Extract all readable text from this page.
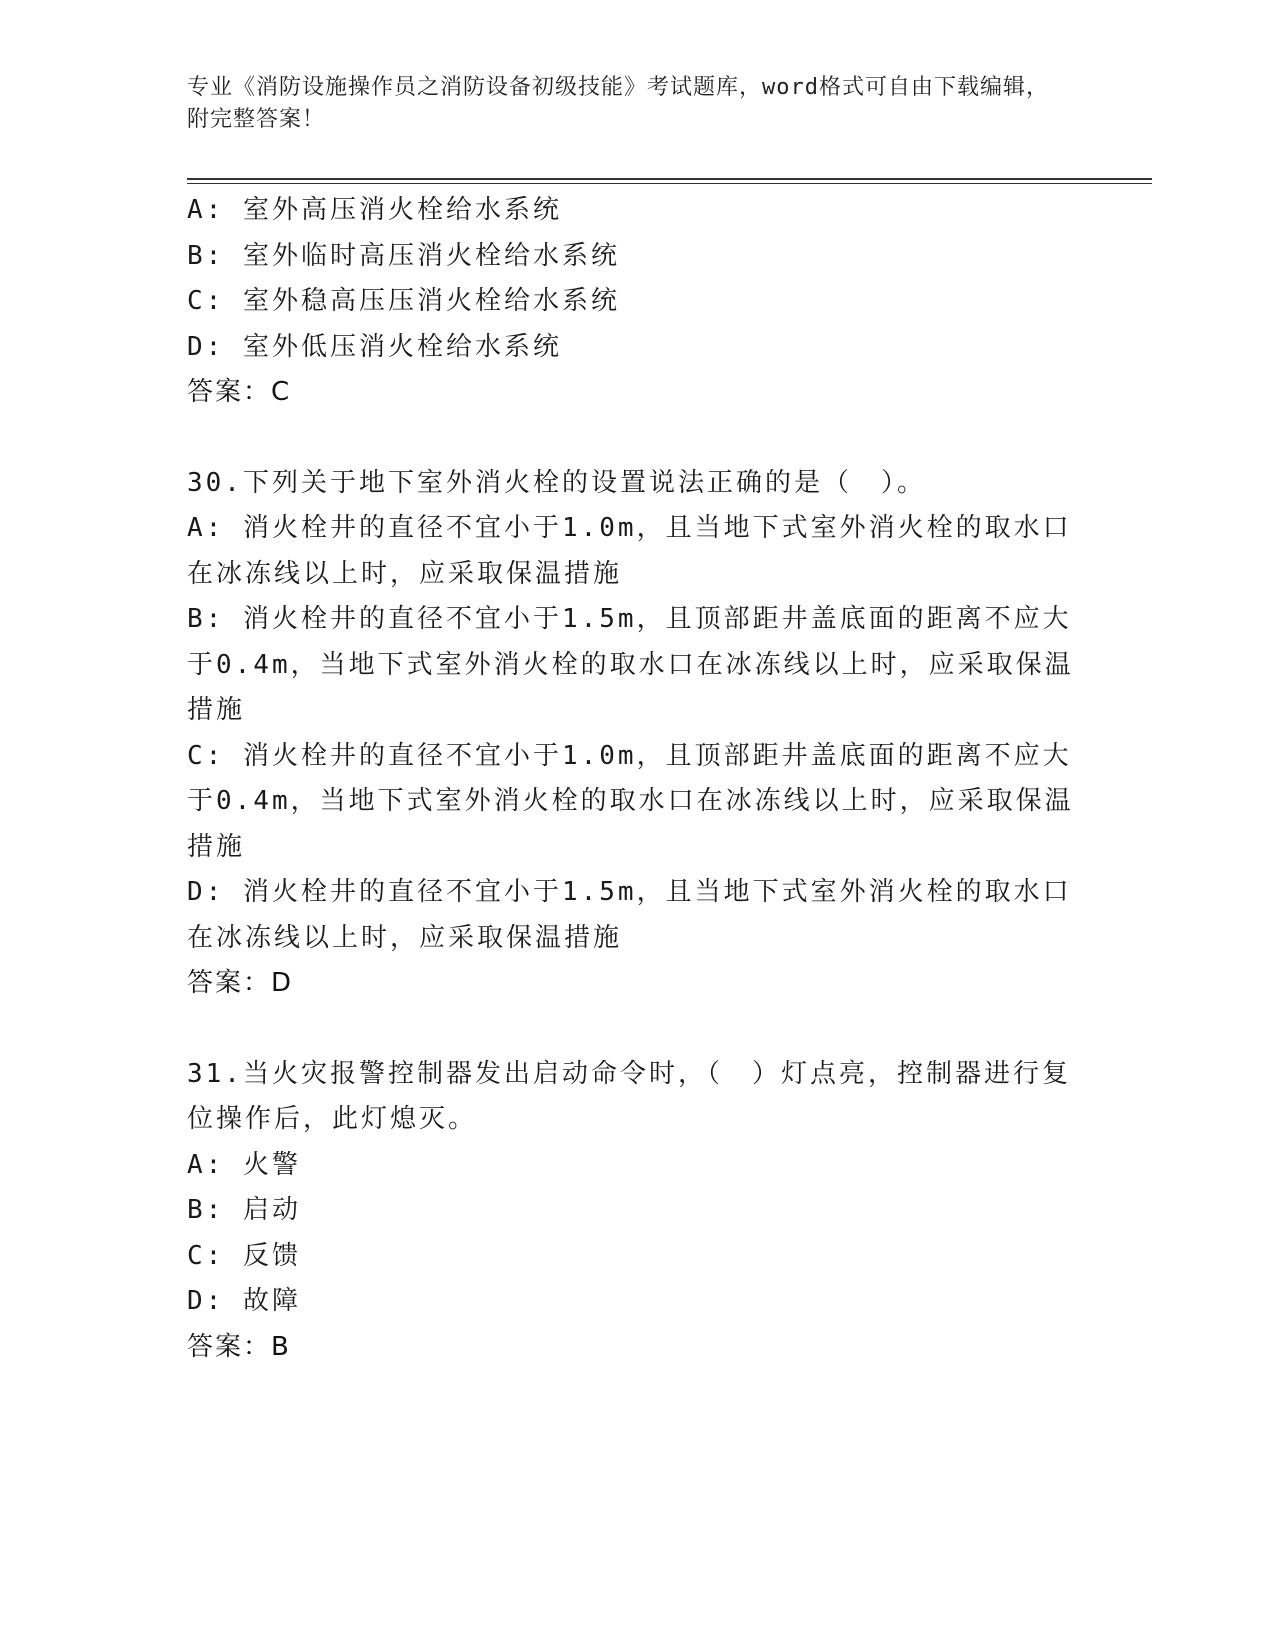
专业《消防设施操作员之消防设备初级技能》考试题库，word格式可自由下载编辑，附完整答案！
A: 室外高压消火栓给水系统
B: 室外临时高压消火栓给水系统
C: 室外稳高压压消火栓给水系统
D: 室外低压消火栓给水系统
答案：C
30.下列关于地下室外消火栓的设置说法正确的是（　）。
A: 消火栓井的直径不宜小于1.0m，且当地下式室外消火栓的取水口在冰冻线以上时，应采取保温措施
B: 消火栓井的直径不宜小于1.5m，且顶部距井盖底面的距离不应大于0.4m，当地下式室外消火栓的取水口在冰冻线以上时，应采取保温措施
C: 消火栓井的直径不宜小于1.0m，且顶部距井盖底面的距离不应大于0.4m，当地下式室外消火栓的取水口在冰冻线以上时，应采取保温措施
D: 消火栓井的直径不宜小于1.5m，且当地下式室外消火栓的取水口在冰冻线以上时，应采取保温措施
答案：D
31.当火灾报警控制器发出启动命令时，（　）灯点亮，控制器进行复位操作后，此灯熄灭。
A: 火警
B: 启动
C: 反馈
D: 故障
答案：B
